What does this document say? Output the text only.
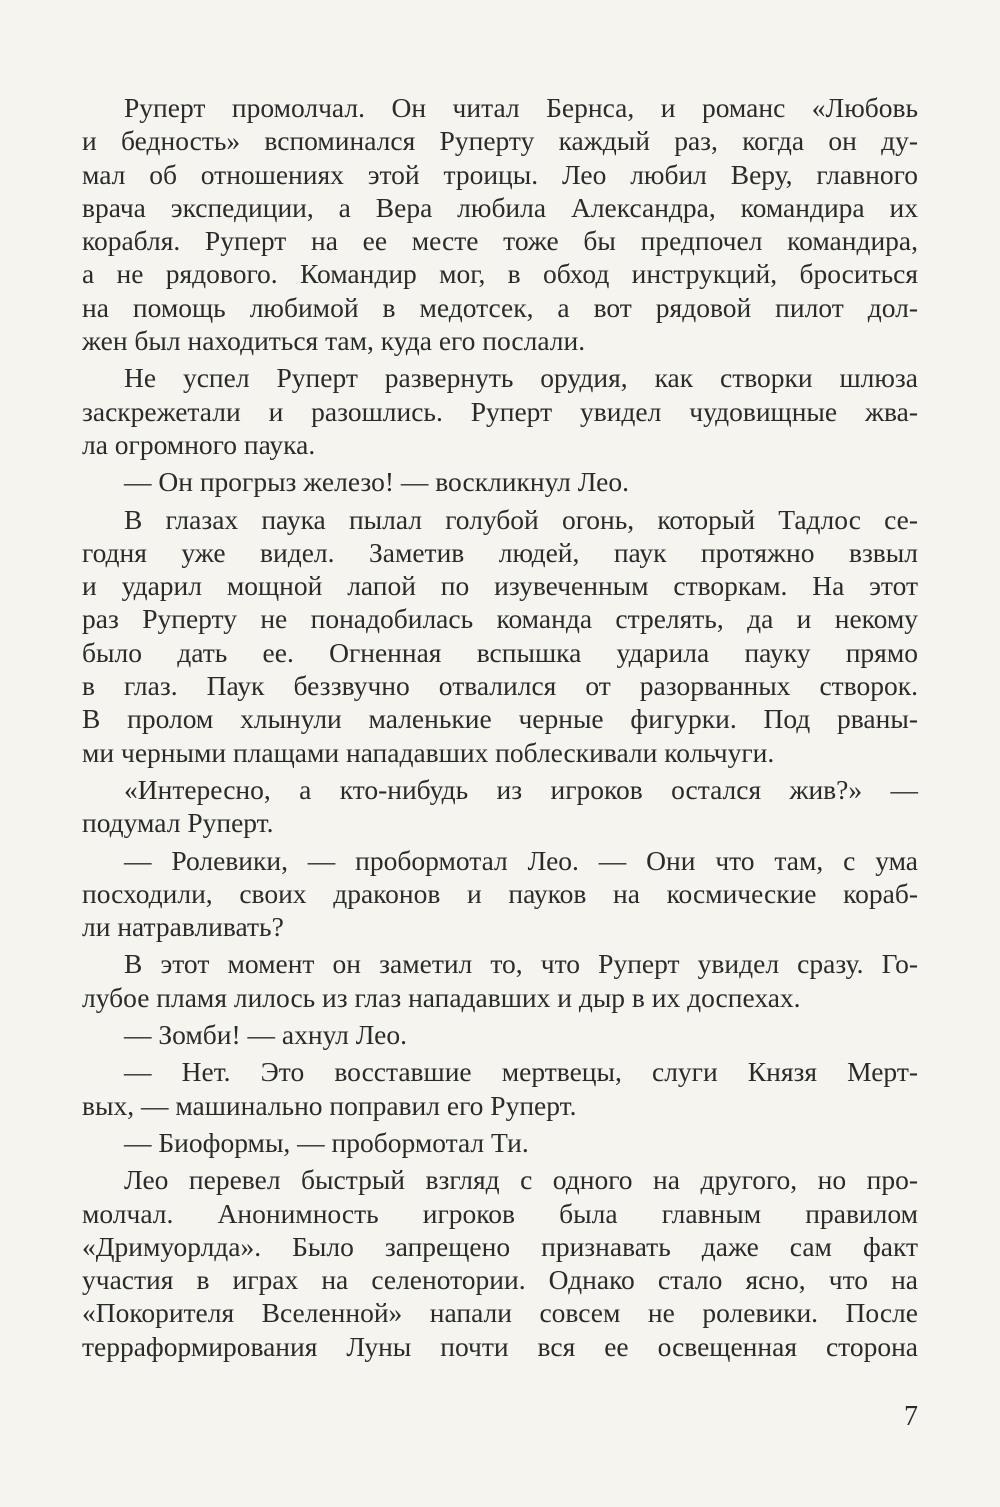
Руперт промолчал. Он читал Бернса, и романс «Любовь
и бедность» вспоминался Руперту каждый раз, когда он ду-
мал об отношениях этой троицы. Лео любил Веру, главного
врача экспедиции, а Вера любила Александра, командира их
корабля. Руперт на ее месте тоже бы предпочел командира,
а не рядового. Командир мог, в обход инструкций, броситься
на помощь любимой в медотсек, а вот рядовой пилот дол-
жен был находиться там, куда его послали.
Не успел Руперт развернуть орудия, как створки шлюза
заскрежетали и разошлись. Руперт увидел чудовищные жва-
ла огромного паука.
— Он прогрыз железо! — воскликнул Лео.
В глазах паука пылал голубой огонь, который Тадлос се-
годня уже видел. Заметив людей, паук протяжно взвыл
и ударил мощной лапой по изувеченным створкам. На этот
раз Руперту не понадобилась команда стрелять, да и некому
было дать ее. Огненная вспышка ударила пауку прямо
в глаз. Паук беззвучно отвалился от разорванных створок.
В пролом хлынули маленькие черные фигурки. Под рваны-
ми черными плащами нападавших поблескивали кольчуги.
«Интересно, а кто-нибудь из игроков остался жив?» —
подумал Руперт.
— Ролевики, — пробормотал Лео. — Они что там, с ума
посходили, своих драконов и пауков на космические кораб-
ли натравливать?
В этот момент он заметил то, что Руперт увидел сразу. Го-
лубое пламя лилось из глаз нападавших и дыр в их доспехах.
— Зомби! — ахнул Лео.
— Нет. Это восставшие мертвецы, слуги Князя Мерт-
вых, — машинально поправил его Руперт.
— Биоформы, — пробормотал Ти.
Лео перевел быстрый взгляд с одного на другого, но про-
молчал. Анонимность игроков была главным правилом
«Дримуорлда». Было запрещено признавать даже сам факт
участия в играх на селенотории. Однако стало ясно, что на
«Покорителя Вселенной» напали совсем не ролевики. После
терраформирования Луны почти вся ее освещенная сторона
7
